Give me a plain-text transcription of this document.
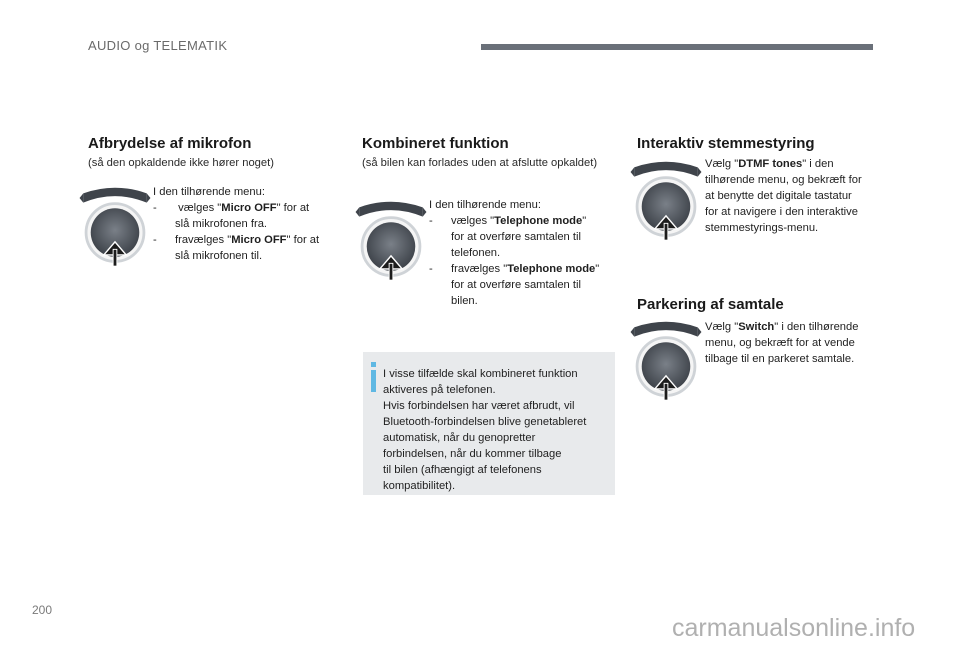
AUDIO og TELEMATIK
Afbrydelse af mikrofon
(så den opkaldende ikke hører noget)
I den tilhørende menu:
-	vælges "Micro OFF" for at
slå mikrofonen fra.
-	fravælges "Micro OFF" for at
slå mikrofonen til.
Kombineret funktion
(så bilen kan forlades uden at afslutte opkaldet)
I den tilhørende menu:
-	vælges "Telephone mode"
for at overføre samtalen til
telefonen.
-	fravælges "Telephone mode"
for at overføre samtalen til
bilen.
I visse tilfælde skal kombineret funktion
aktiveres på telefonen.
Hvis forbindelsen har været afbrudt, vil
Bluetooth-forbindelsen blive genetableret
automatisk, når du genopretter
forbindelsen, når du kommer tilbage
til bilen (afhængigt af telefonens
kompatibilitet).
Interaktiv stemmestyring
Vælg "DTMF tones" i den
tilhørende menu, og bekræft for
at benytte det digitale tastatur
for at navigere i den interaktive
stemmestyrings-menu.
Parkering af samtale
Vælg "Switch" i den tilhørende
menu, og bekræft for at vende
tilbage til en parkeret samtale.
200
carmanualsonline.info
